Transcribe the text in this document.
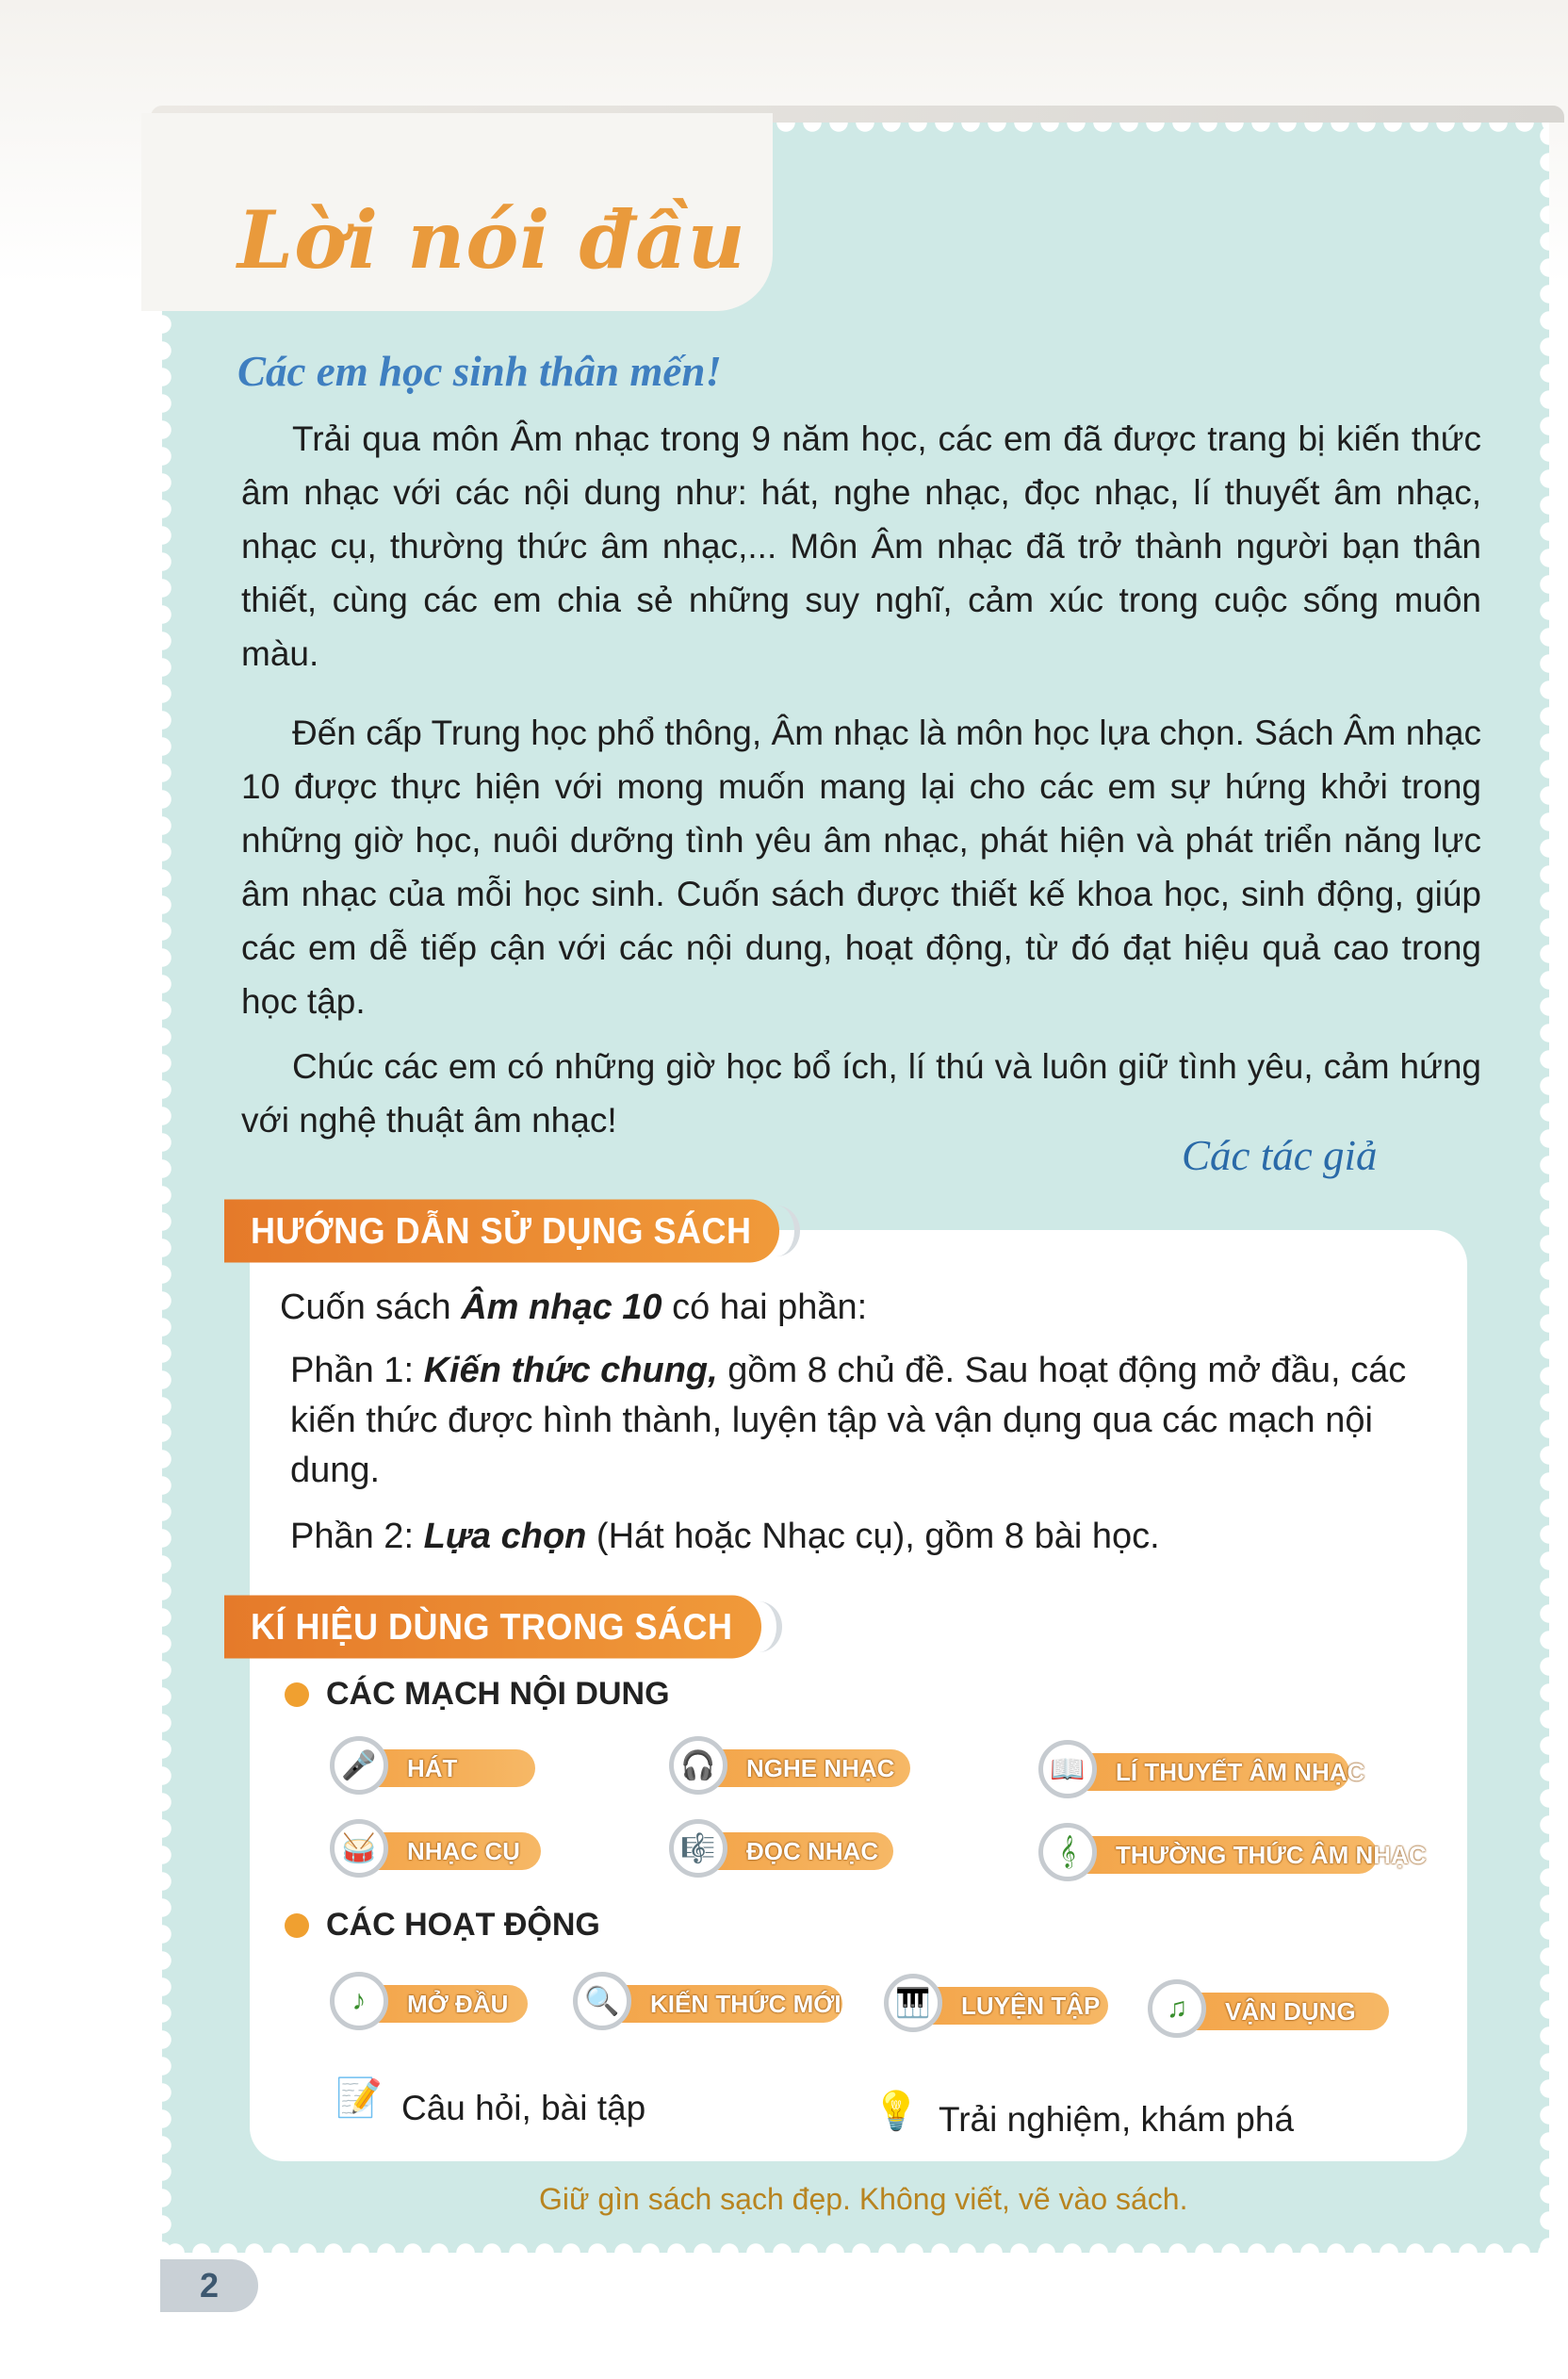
Lời nói đầu
Các em học sinh thân mến!

Trải qua môn Âm nhạc trong 9 năm học, các em đã được trang bị kiến thức âm nhạc với các nội dung như: hát, nghe nhạc, đọc nhạc, lí thuyết âm nhạc, nhạc cụ, thường thức âm nhạc,... Môn Âm nhạc đã trở thành người bạn thân thiết, cùng các em chia sẻ những suy nghĩ, cảm xúc trong cuộc sống muôn màu.

Đến cấp Trung học phổ thông, Âm nhạc là môn học lựa chọn. Sách Âm nhạc 10 được thực hiện với mong muốn mang lại cho các em sự hứng khởi trong những giờ học, nuôi dưỡng tình yêu âm nhạc, phát hiện và phát triển năng lực âm nhạc của mỗi học sinh. Cuốn sách được thiết kế khoa học, sinh động, giúp các em dễ tiếp cận với các nội dung, hoạt động, từ đó đạt hiệu quả cao trong học tập.

Chúc các em có những giờ học bổ ích, lí thú và luôn giữ tình yêu, cảm hứng với nghệ thuật âm nhạc!

Các tác giả
HƯỚNG DẪN SỬ DỤNG SÁCH
Cuốn sách Âm nhạc 10 có hai phần:
Phần 1: Kiến thức chung, gồm 8 chủ đề. Sau hoạt động mở đầu, các kiến thức được hình thành, luyện tập và vận dụng qua các mạch nội dung.
Phần 2: Lựa chọn (Hát hoặc Nhạc cụ), gồm 8 bài học.
KÍ HIỆU DÙNG TRONG SÁCH
CÁC MẠCH NỘI DUNG
🎤	HÁT	🎧	NGHE NHẠC	📖	LÍ THUYẾT ÂM NHẠC
🥁	NHẠC CỤ	🎼	ĐỌC NHẠC	𝄞	THƯỜNG THỨC ÂM NHẠC
CÁC HOẠT ĐỘNG
♪	MỞ ĐẦU	🔍	KIẾN THỨC MỚI	🎹	LUYỆN TẬP	♫	VẬN DỤNG
📝 Câu hỏi, bài tập	💡 Trải nghiệm, khám phá
Giữ gìn sách sạch đẹp. Không viết, vẽ vào sách.
2
